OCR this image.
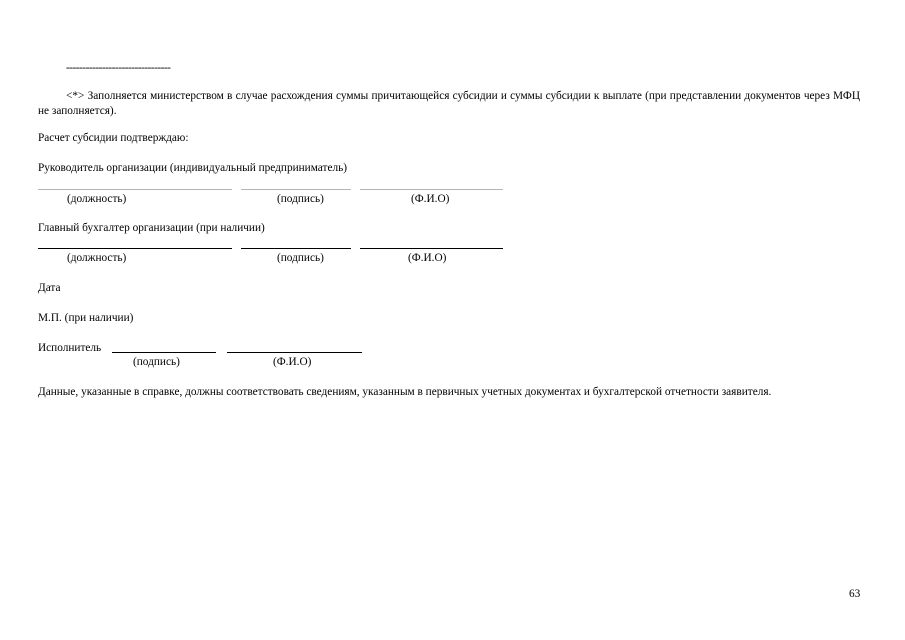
--------------------------------
<*> Заполняется министерством в случае расхождения суммы причитающейся субсидии и суммы субсидии к выплате (при представлении документов через МФЦ не заполняется).
Расчет субсидии подтверждаю:
Руководитель организации (индивидуальный предприниматель)
(должность)	(подпись)	(Ф.И.О)
Главный бухгалтер организации (при наличии)
(должность)	(подпись)	(Ф.И.О)
Дата
М.П. (при наличии)
Исполнитель
(подпись)	(Ф.И.О)
Данные, указанные в справке, должны соответствовать сведениям, указанным в первичных учетных документах и бухгалтерской отчетности заявителя.
63
